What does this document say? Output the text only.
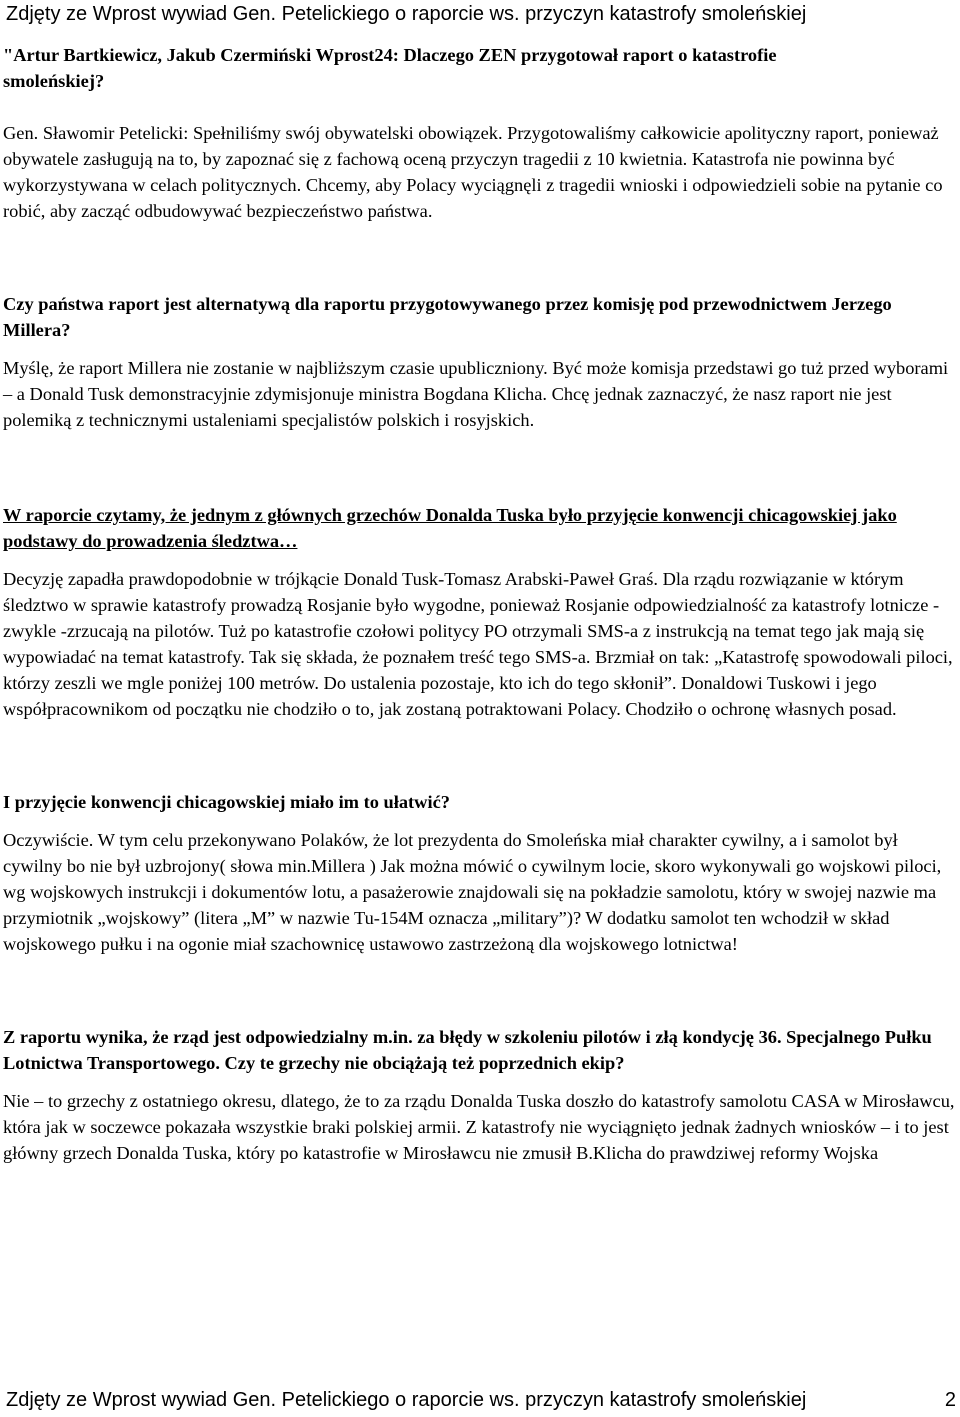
Zdjęty ze Wprost wywiad Gen. Petelickiego o raporcie ws. przyczyn katastrofy smoleńskiej

"Artur Bartkiewicz, Jakub Czermiński Wprost24: Dlaczego ZEN przygotował raport o katastrofie
smoleńskiej?

Gen. Sławomir Petelicki: Spełniliśmy swój obywatelski obowiązek. Przygotowaliśmy całkowicie apolityczny raport, ponieważ obywatele zasługują na to, by zapoznać się z fachową oceną przyczyn tragedii z 10 kwietnia. Katastrofa nie powinna być wykorzystywana w celach politycznych. Chcemy, aby Polacy wyciągnęli z tragedii wnioski i odpowiedzieli sobie na pytanie co robić, aby zacząć odbudowywać bezpieczeństwo państwa.

Czy państwa raport jest alternatywą dla raportu przygotowywanego przez komisję pod przewodnictwem Jerzego Millera?

Myślę, że raport Millera nie zostanie w najbliższym czasie upubliczniony. Być może komisja przedstawi go tuż przed wyborami – a Donald Tusk demonstracyjnie zdymisjonuje ministra Bogdana Klicha. Chcę jednak zaznaczyć, że nasz raport nie jest polemiką z technicznymi ustaleniami specjalistów polskich i rosyjskich.

W raporcie czytamy, że jednym z głównych grzechów Donalda Tuska było przyjęcie konwencji chicagowskiej jako podstawy do prowadzenia śledztwa…

Decyzję zapadła prawdopodobnie w trójkącie Donald Tusk-Tomasz Arabski-Paweł Graś. Dla rządu rozwiązanie w którym śledztwo w sprawie katastrofy prowadzą Rosjanie było wygodne, ponieważ Rosjanie odpowiedzialność za katastrofy lotnicze -zwykle -zrzucają na pilotów. Tuż po katastrofie czołowi politycy PO otrzymali SMS-a z instrukcją na temat tego jak mają się wypowiadać na temat katastrofy. Tak się składa, że poznałem treść tego SMS-a. Brzmiał on tak: „Katastrofę spowodowali piloci, którzy zeszli we mgle poniżej 100 metrów. Do ustalenia pozostaje, kto ich do tego skłonił”. Donaldowi Tuskowi i jego współpracownikom od początku nie chodziło o to, jak zostaną potraktowani Polacy. Chodziło o ochronę własnych posad.

I przyjęcie konwencji chicagowskiej miało im to ułatwić?

Oczywiście. W tym celu przekonywano Polaków, że lot prezydenta do Smoleńska miał charakter cywilny, a i samolot był cywilny bo nie był uzbrojony( słowa min.Millera ) Jak można mówić o cywilnym locie, skoro wykonywali go wojskowi piloci, wg wojskowych instrukcji i dokumentów lotu, a pasażerowie znajdowali się na pokładzie samolotu, który w swojej nazwie ma przymiotnik „wojskowy” (litera „M” w nazwie Tu-154M oznacza „military”)? W dodatku samolot ten wchodził w skład wojskowego pułku i na ogonie miał szachownicę ustawowo zastrzeżoną dla wojskowego lotnictwa!

Z raportu wynika, że rząd jest odpowiedzialny m.in. za błędy w szkoleniu pilotów i złą kondycję 36. Specjalnego Pułku Lotnictwa Transportowego. Czy te grzechy nie obciążają też poprzednich ekip?

Nie – to grzechy z ostatniego okresu, dlatego, że to za rządu Donalda Tuska doszło do katastrofy samolotu CASA w Mirosławcu, która jak w soczewce pokazała wszystkie braki polskiej armii. Z katastrofy nie wyciągnięto jednak żadnych wniosków – i to jest główny grzech Donalda Tuska, który po katastrofie w Mirosławcu nie zmusił B.Klicha do prawdziwej reformy Wojska

Zdjęty ze Wprost wywiad Gen. Petelickiego o raporcie ws. przyczyn katastrofy smoleńskiej	2
